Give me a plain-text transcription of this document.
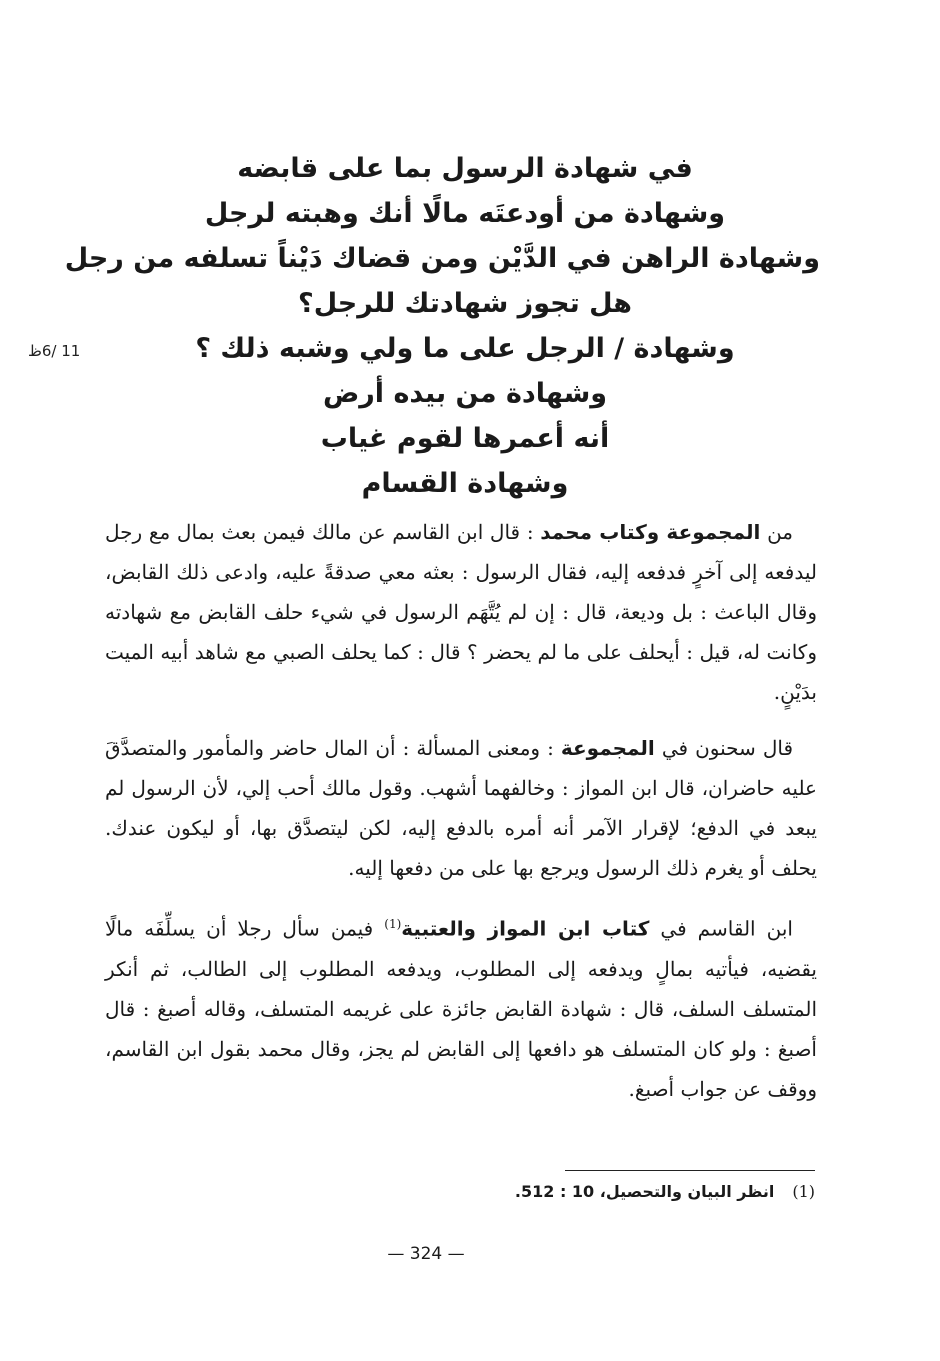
11 /6ظ
في شهادة الرسول بما على قابضه
وشهادة من أودعتَه مالًا أنك وهبته لرجل
وشهادة الراهن في الدَّيْن ومن قضاك دَيْناً تسلفه من رجل
هل تجوز شهادتك للرجل؟
وشهادة / الرجل على ما ولي وشبه ذلك ؟
وشهادة من بيده أرض
أنه أعمرها لقوم غياب
وشهادة القسام

من المجموعة وكتاب محمد : قال ابن القاسم عن مالك فيمن بعث بمال مع رجل ليدفعه إلى آخرٍ فدفعه إليه، فقال الرسول : بعثه معي صدقةً عليه، وادعى ذلك القابض، وقال الباعث : بل وديعة، قال : إن لم يُتَّهَم الرسول في شيء حلف القابض مع شهادته وكانت له، قيل : أيحلف على ما لم يحضر ؟ قال : كما يحلف الصبي مع شاهد أبيه الميت بدَيْنٍ.

قال سحنون في المجموعة : ومعنى المسألة : أن المال حاضر والمأمور والمتصدَّقَ عليه حاضران، قال ابن المواز : وخالفهما أشهب. وقول مالك أحب إلي، لأن الرسول لم يبعد في الدفع؛ لإقرار الآمر أنه أمره بالدفع إليه، لكن ليتصدَّق بها، أو ليكون عندك. يحلف أو يغرم ذلك الرسول ويرجع بها على من دفعها إليه.

ابن القاسم في كتاب ابن المواز والعتبية$^{(1)}$ فيمن سأل رجلا أن يسلِّفَه مالًا يقضيه، فيأتيه بمالٍ ويدفعه إلى المطلوب، ويدفعه المطلوب إلى الطالب، ثم أنكر المتسلف السلف، قال : شهادة القابض جائزة على غريمه المتسلف، وقاله أصبغ : قال أصبغ : ولو كان المتسلف هو دافعها إلى القابض لم يجز، وقال محمد بقول ابن القاسم، ووقف عن جواب أصبغ.

(1)انظر البيان والتحصيل، 10 : 512.
— 324 —
